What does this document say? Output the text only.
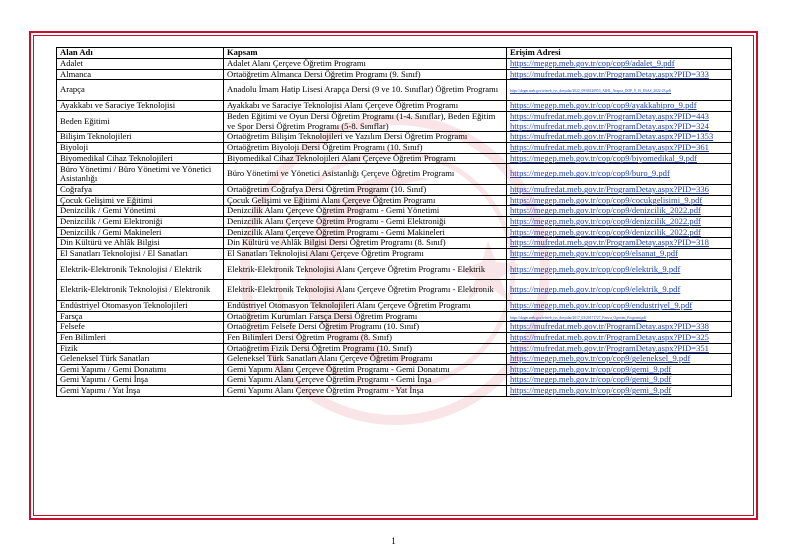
Alan Adı	Kapsam	Erişim Adresi
Adalet	Adalet Alanı Çerçeve Öğretim Programı	https://megep.meb.gov.tr/cop/cop9/adalet_9.pdf
Almanca	Ortaöğretim Almanca Dersi Öğretim Programı (9. Sınıf)	https://mufredat.meb.gov.tr/ProgramDetay.aspx?PID=333
Arapça	Anadolu İmam Hatip Lisesi Arapça Dersi (9 ve 10. Sınıflar) Öğretim Programı	https://dogm.meb.gov.tr/meb_iys_dosyalar/2022_09/06120953_AIHL_Arapca_DOP_9_10_ESAS_2022-23.pdf
Ayakkabı ve Saraciye Teknolojisi	Ayakkabı ve Saraciye Teknolojisi Alanı Çerçeve Öğretim Programı	https://megep.meb.gov.tr/cop/cop9/ayakkabipro_9.pdf
Beden Eğitimi	Beden Eğitimi ve Oyun Dersi Öğretim Programı (1-4. Sınıflar), Beden Eğitim ve Spor Dersi Öğretim Programı (5-8. Sınıflar)	https://mufredat.meb.gov.tr/ProgramDetay.aspx?PID=443
https://mufredat.meb.gov.tr/ProgramDetay.aspx?PID=324

Bilişim Teknolojileri	Ortaöğretim Bilişim Teknolojileri ve Yazılım Dersi Öğretim Programı	https://mufredat.meb.gov.tr/ProgramDetay.aspx?PID=1353
Biyoloji	Ortaöğretim Biyoloji Dersi Öğretim Programı (10. Sınıf)	https://mufredat.meb.gov.tr/ProgramDetay.aspx?PID=361
Biyomedikal Cihaz Teknolojileri	Biyomedikal Cihaz Teknolojileri Alanı Çerçeve Öğretim Programı	https://megep.meb.gov.tr/cop/cop9/biyomedikal_9.pdf
Büro Yönetimi / Büro Yönetimi ve Yönetici Asistanlığı	Büro Yönetimi ve Yönetici Asistanlığı Çerçeve Öğretim Programı	https://megep.meb.gov.tr/cop/cop9/buro_9.pdf
Coğrafya	Ortaöğretim Coğrafya Dersi Öğretim Programı (10. Sınıf)	https://mufredat.meb.gov.tr/ProgramDetay.aspx?PID=336
Çocuk Gelişimi ve Eğitimi	Çocuk Gelişimi ve Eğitimi Alanı Çerçeve Öğretim Programı	https://megep.meb.gov.tr/cop/cop9/cocukgelisimi_9.pdf
Denizcilik / Gemi Yönetimi	Denizcilik Alanı Çerçeve Öğretim Programı - Gemi Yönetimi	https://megep.meb.gov.tr/cop/cop9/denizcilik_2022.pdf
Denizcilik / Gemi Elektroniği	Denizcilik Alanı Çerçeve Öğretim Programı - Gemi Elektroniği	https://megep.meb.gov.tr/cop/cop9/denizcilik_2022.pdf
Denizcilik / Gemi Makineleri	Denizcilik Alanı Çerçeve Öğretim Programı - Gemi Makineleri	https://megep.meb.gov.tr/cop/cop9/denizcilik_2022.pdf
Din Kültürü ve Ahlâk Bilgisi	Din Kültürü ve Ahlâk Bilgisi Dersi Öğretim Programı (8. Sınıf)	https://mufredat.meb.gov.tr/ProgramDetay.aspx?PID=318
El Sanatları Teknolojisi / El Sanatları	El Sanatları Teknolojisi Alanı Çerçeve Öğretim Programı	https://megep.meb.gov.tr/cop/cop9/elsanat_9.pdf
Elektrik-Elektronik Teknolojisi / Elektrik	Elektrik-Elektronik Teknolojisi Alanı Çerçeve Öğretim Programı - Elektrik	https://megep.meb.gov.tr/cop/cop9/elektrik_9.pdf
Elektrik-Elektronik Teknolojisi / Elektronik	Elektrik-Elektronik Teknolojisi Alanı Çerçeve Öğretim Programı - Elektronik	https://megep.meb.gov.tr/cop/cop9/elektrik_9.pdf
Endüstriyel Otomasyon Teknolojileri	Endüstriyel Otomasyon Teknolojileri Alanı Çerçeve Öğretim Programı	https://megep.meb.gov.tr/cop/cop9/endustriyel_9.pdf
Farsça	Ortaöğretim Kurumları Farsça Dersi Öğretim Programı	https://dogm.meb.gov.tr/meb_iys_dosyalar/2017_03/20171727_Farsca_Ogretim_Programi.pdf
Felsefe	Ortaöğretim Felsefe Dersi Öğretim Programı (10. Sınıf)	https://mufredat.meb.gov.tr/ProgramDetay.aspx?PID=338
Fen Bilimleri	Fen Bilimleri Dersi Öğretim Programı (8. Sınıf)	https://mufredat.meb.gov.tr/ProgramDetay.aspx?PID=325
Fizik	Ortaöğretim Fizik Dersi Öğretim Programı (10. Sınıf)	https://mufredat.meb.gov.tr/ProgramDetay.aspx?PID=351
Geleneksel Türk Sanatları	Geleneksel Türk Sanatları Alanı Çerçeve Öğretim Programı	https://megep.meb.gov.tr/cop/cop9/geleneksel_9.pdf
Gemi Yapımı / Gemi Donatımı	Gemi Yapımı Alanı Çerçeve Öğretim Programı - Gemi Donatımı	https://megep.meb.gov.tr/cop/cop9/gemi_9.pdf
Gemi Yapımı / Gemi İnşa	Gemi Yapımı Alanı Çerçeve Öğretim Programı - Gemi İnşa	https://megep.meb.gov.tr/cop/cop9/gemi_9.pdf
Gemi Yapımı / Yat İnşa	Gemi Yapımı Alanı Çerçeve Öğretim Programı - Yat İnşa	https://megep.meb.gov.tr/cop/cop9/gemi_9.pdf
1
